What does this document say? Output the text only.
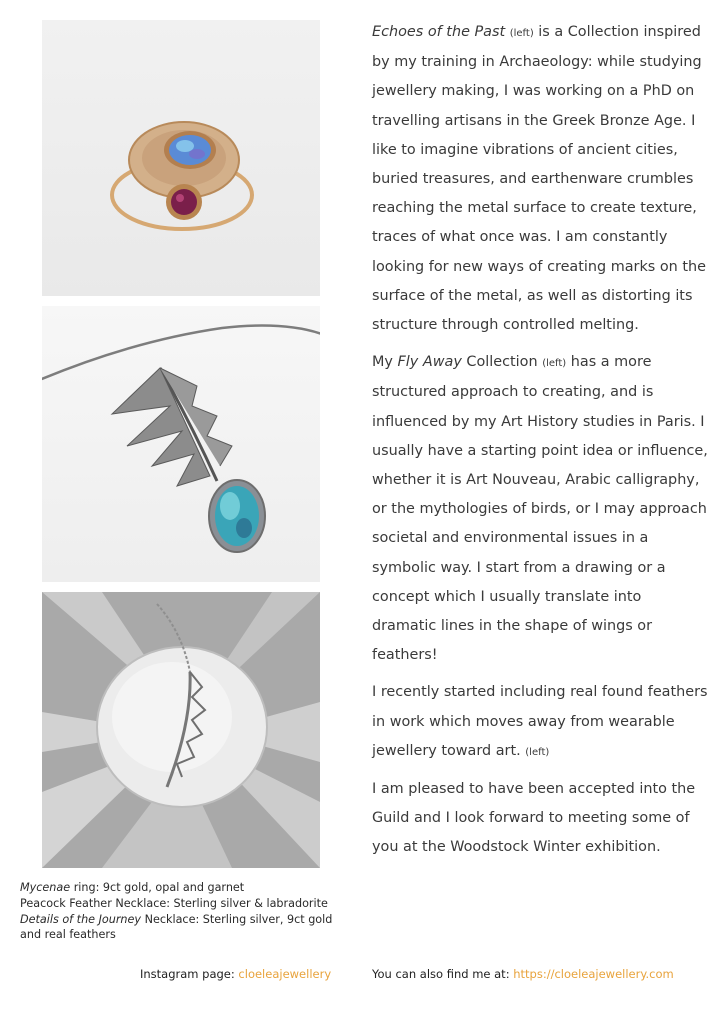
Mycenae ring: 9ct gold, opal and garnet
Peacock Feather Necklace: Sterling silver & labradorite
Details of the Journey Necklace: Sterling silver, 9ct gold and real feathers

Echoes of the Past (left) is a Collection inspired by my training in Archaeology: while studying jewellery making, I was working on a PhD on travelling artisans in the Greek Bronze Age. I like to imagine vibrations of ancient cities, buried treasures, and earthenware crumbles reaching the metal surface to create texture, traces of what once was. I am constantly looking for new ways of creating marks on the surface of the metal, as well as distorting its structure through controlled melting.

My Fly Away Collection (left) has a more structured approach to creating, and is influenced by my Art History studies in Paris. I usually have a starting point idea or influence, whether it is Art Nouveau, Arabic calligraphy, or the mythologies of birds, or I may approach societal and environmental issues in a symbolic way. I start from a drawing or a concept which I usually translate into dramatic lines in the shape of wings or feathers!

I recently started including real found feathers in work which moves away from wearable jewellery toward art. (left)

I am pleased to have been accepted into the Guild and I look forward to meeting some of you at the Woodstock Winter exhibition.

Instagram page: cloeleajewellery	You can also find me at: https://cloeleajewellery.com
